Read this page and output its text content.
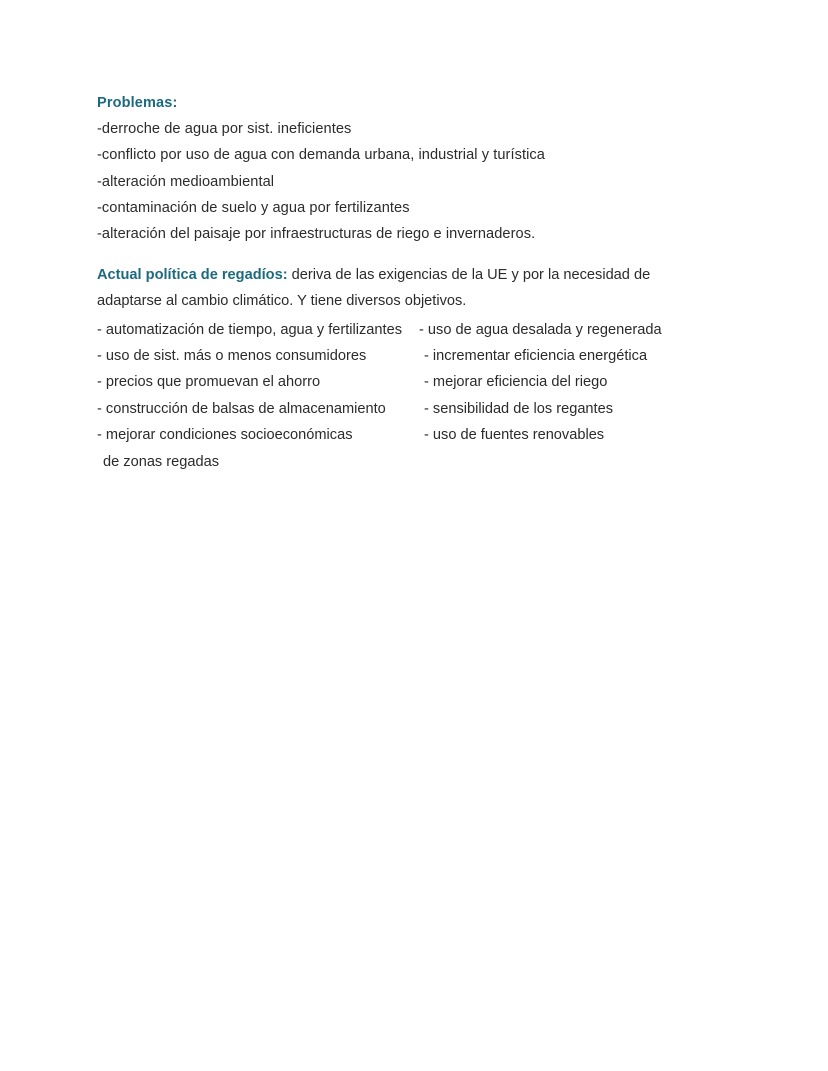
Problemas:

-derroche de agua por sist. ineficientes

-conflicto por uso de agua con demanda urbana, industrial y turística

-alteración medioambiental

-contaminación de suelo y agua por fertilizantes

-alteración del paisaje por infraestructuras de riego e invernaderos.

Actual política de regadíos: deriva de las exigencias de la UE y por la necesidad de adaptarse al cambio climático. Y tiene diversos objetivos.

- automatización de tiempo, agua y fertilizantes - uso de agua desalada y regenerada
- uso de sist. más o menos consumidores	- incrementar eficiencia energética
- precios que promuevan el ahorro	- mejorar eficiencia del riego
- construcción de balsas de almacenamiento	- sensibilidad de los regantes
- mejorar condiciones socioeconómicas	- uso de fuentes renovables
de zonas regadas
